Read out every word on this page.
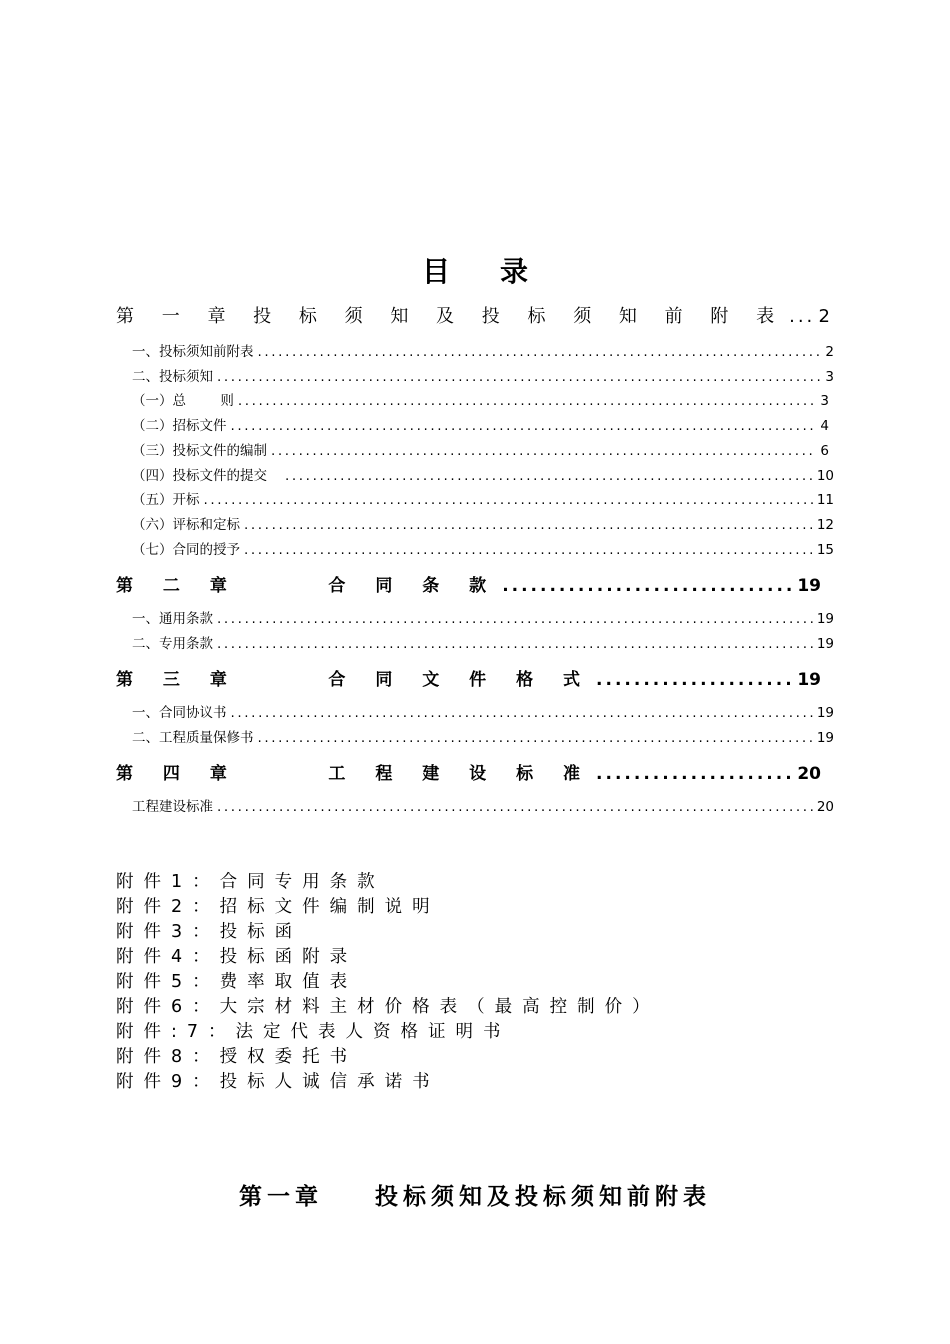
目录
第 一 章 投 标 须 知 及 投 标 须 知 前 附 表 ..... 2
一、投标须知前附表 .....	2
二、投标须知 .....	3
（一）总        则 .....	3
（二）招标文件 .....	4
（三）投标文件的编制 .....	6
（四）投标文件的提交 .....	10
（五）开标 .....	11
（六）评标和定标 .....	12
（七）合同的授予 .....	15
第 二 章     合 同 条 款 .....	19
一、通用条款 .....	19
二、专用条款 .....	19
第 三 章     合 同 文 件 格 式 .....	19
一、合同协议书 .....	19
二、工程质量保修书 .....	19
第 四 章     工 程 建 设 标 准 .....	20
工程建设标准 .....	20
附件1：合同专用条款
附件2：招标文件编制说明
附件3：投标函
附件4：投标函附录
附件5：费率取值表
附件6：大宗材料主材价格表（最高控制价）
附件:7：法定代表人资格证明书
附件8：授权委托书
附件9：投标人诚信承诺书
第一章    投标须知及投标须知前附表
